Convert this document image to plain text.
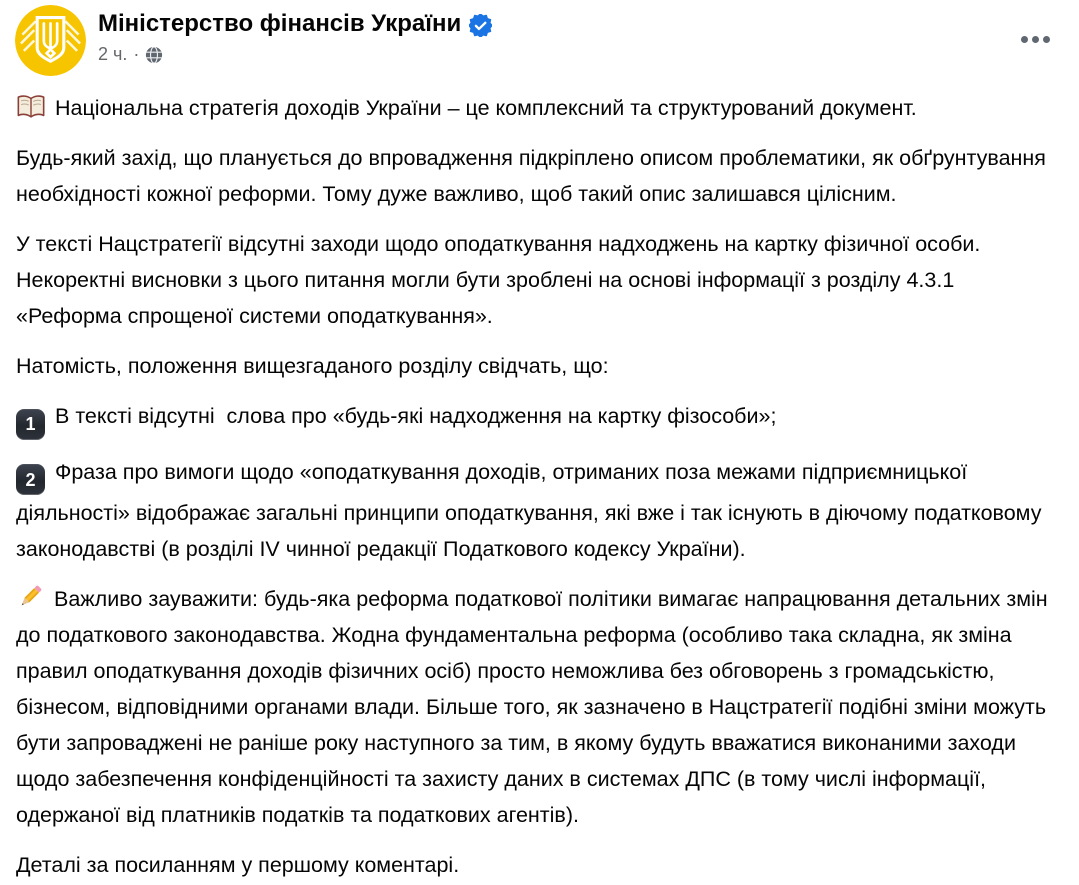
Міністерство фінансів України
2 ч. ·

Національна стратегія доходів України – це комплексний та структурований документ.

Будь-який захід, що планується до впровадження підкріплено описом проблематики, як обґрунтування необхідності кожної реформи. Тому дуже важливо, щоб такий опис залишався цілісним.

У тексті Нацстратегії відсутні заходи щодо оподаткування надходжень на картку фізичної особи. Некоректні висновки з цього питання могли бути зроблені на основі інформації з розділу 4.3.1 «Реформа спрощеної системи оподаткування».

Натомість, положення вищезгаданого розділу свідчать, що:

1 В тексті відсутні  слова про «будь-які надходження на картку фізособи»;

2 Фраза про вимоги щодо «оподаткування доходів, отриманих поза межами підприємницької діяльності» відображає загальні принципи оподаткування, які вже і так існують в діючому податковому законодавстві (в розділі IV чинної редакції Податкового кодексу України).

Важливо зауважити: будь-яка реформа податкової політики вимагає напрацювання детальних змін до податкового законодавства. Жодна фундаментальна реформа (особливо така складна, як зміна правил оподаткування доходів фізичних осіб) просто неможлива без обговорень з громадськістю, бізнесом, відповідними органами влади. Більше того, як зазначено в Нацстратегії подібні зміни можуть бути запроваджені не раніше року наступного за тим, в якому будуть вважатися виконаними заходи щодо забезпечення конфіденційності та захисту даних в системах ДПС (в тому числі інформації, одержаної від платників податків та податкових агентів).

Деталі за посиланням у першому коментарі.
